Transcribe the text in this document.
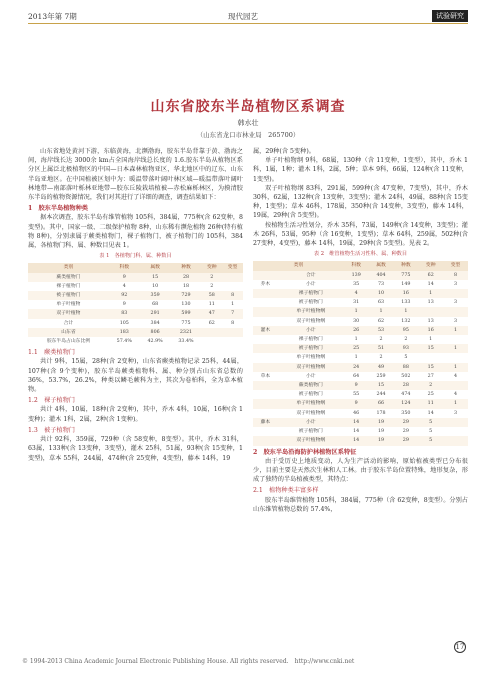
2013年第 7期	现代园艺	试验研究
山东省胶东半岛植物区系调查
韩水壮
（山东省龙口市林业局　265700）

山东省地处黄河下游，东临黄海，北濒渤海，胶东半岛背靠于黄、渤海之间，海岸线长达 3000余 km占全国海岸线总长度的 1.6.胶东半岛从植物区系分区上属泛北极植物区的中国—日本森林植物亚区，华北地区中的辽东、山东半岛亚地区。在中国植被区划中为：暖温带落叶阔叶林区域—暖温带落叶阔叶林地带—南部落叶栎林亚地带—胶东丘陵栽培植被—赤松麻栎林区，为摸清胶东半岛的植物资源情况，我们对其进行了详细的调查，调查结果如下：

1　胶东半岛植物种类

据本次调查，胶东半岛有维管植物 105科，384属，775种(含 62变种，8变型)。其中，国家一级、二级保护植物 8种，山东稀有濒危植物 26种(特有植物 8种)，分别隶属于蕨类植物门，裸子植物门，被子植物门的 105科，384属，各植物门科、属、种数目见表 1。

表 1　各植物门科、属、种数目
类别	科数	属数	种数	变种	变型
蕨类植物门	9	15	28	2	
裸子植物门	4	10	18	2	
被子植物门	92	359	729	58	8
单子叶植物	9	68	130	11	1
双子叶植物	83	291	599	47	7
合计	105	384	775	62	8
山东省	183	806	2321		
胶东半岛占山东比例	57.4%	42.9%	33.4%		

1.1　蕨类植物门

共计 9科，15属，28种(含 2变种)，山东省蕨类植物记录 25科，44属，107种(含 9个变种)，胶东半岛蕨类植物科、属、种分别占山东省总数的 36%，53.7%，26.2%，种类以鳞毛蕨科为主，其次为卷柏科，全为草本植物。

1.2　裸子植物门

共计 4科，10属，18种(含 2变种)，其中，乔木 4科，10属，16种(含 1变种)；灌木 1科，2属，2种(含 1变种)。

1.3　被子植物门

共计 92科，359属，729种（含 58变种，8变型）。其中，乔木 31科，63属，133种(含 13变种，3变型)，灌木 25科，51属，93种(含 15变种，1变型)，草本 55科，244属，474种(含 25变种，4变型)，藤本 14科，19

属，29种(含 5变种)。

单子叶植物纲 9科，68属，130种（含 11变种，1变型），其中，乔木 1科，1属，1种；灌木 1科，2属，5种；草本 9科，66属，124种(含 11变种，1变型)。

双子叶植物纲 83科，291属，599种(含 47变种，7变型)，其中，乔木 30科，62属，132种(含 13变种，3变型)；灌木 24科，49属，88种(含 15变种，1变型)；草本 46科，178属，350种(含 14变种，3变型)，藤本 14科，19属，29种(含 5变型)。

按植物生活习性划分，乔木 35科，73属，149种(含 14变种，3变型)；灌木 26科，53属，95种（含 16变种，1变型)；草本 64科，259属，502种(含 27变种，4变型)，藤本 14科，19属，29种(含 5变型)。见表 2。

表 2　维管植物生活习性科、属、种数目
类别		科数	属数	种数	变种	变型
	合计	139	404	775	62	8
乔木	小计	35	73	149	14	3
	裸子植物门	4	10	16	1	
	被子植物门	31	63	133	13	3
	单子叶植物纲	1	1	1		
	双子叶植物纲	30	62	132	13	3
灌木	小计	26	53	95	16	1
	裸子植物门	1	2	2	1	
	被子植物门	25	51	93	15	1
	单子叶植物纲	1	2	5		
	双子叶植物纲	24	49	88	15	1
草本	小计	64	259	502	27	4
	蕨类植物门	9	15	28	2	
	被子植物门	55	244	474	25	4
	单子叶植物纲	9	66	124	11	1
	双子叶植物纲	46	178	350	14	3
藤本	小计	14	19	29	5	
	被子植物门	14	19	29	5	
	双子叶植物纲	14	19	29	5	

2　胶东半岛沿海防护林植物区系特征

由于受历史上地质变动，人为生产活动的影响，原始植被类型已分布很少，目前主要是天然次生林和人工林。由于胶东半岛位置特殊，地形复杂，形成了独特的半岛植被类型，其特点：

2.1　植物种类丰富多样

胶东半岛维管植物 105科，384属，775种（含 62变种，8变型）。分别占山东维管植物总数的 57.4%，

17
© 1994-2013 China Academic Journal Electronic Publishing House. All rights reserved.　http://www.cnki.net
